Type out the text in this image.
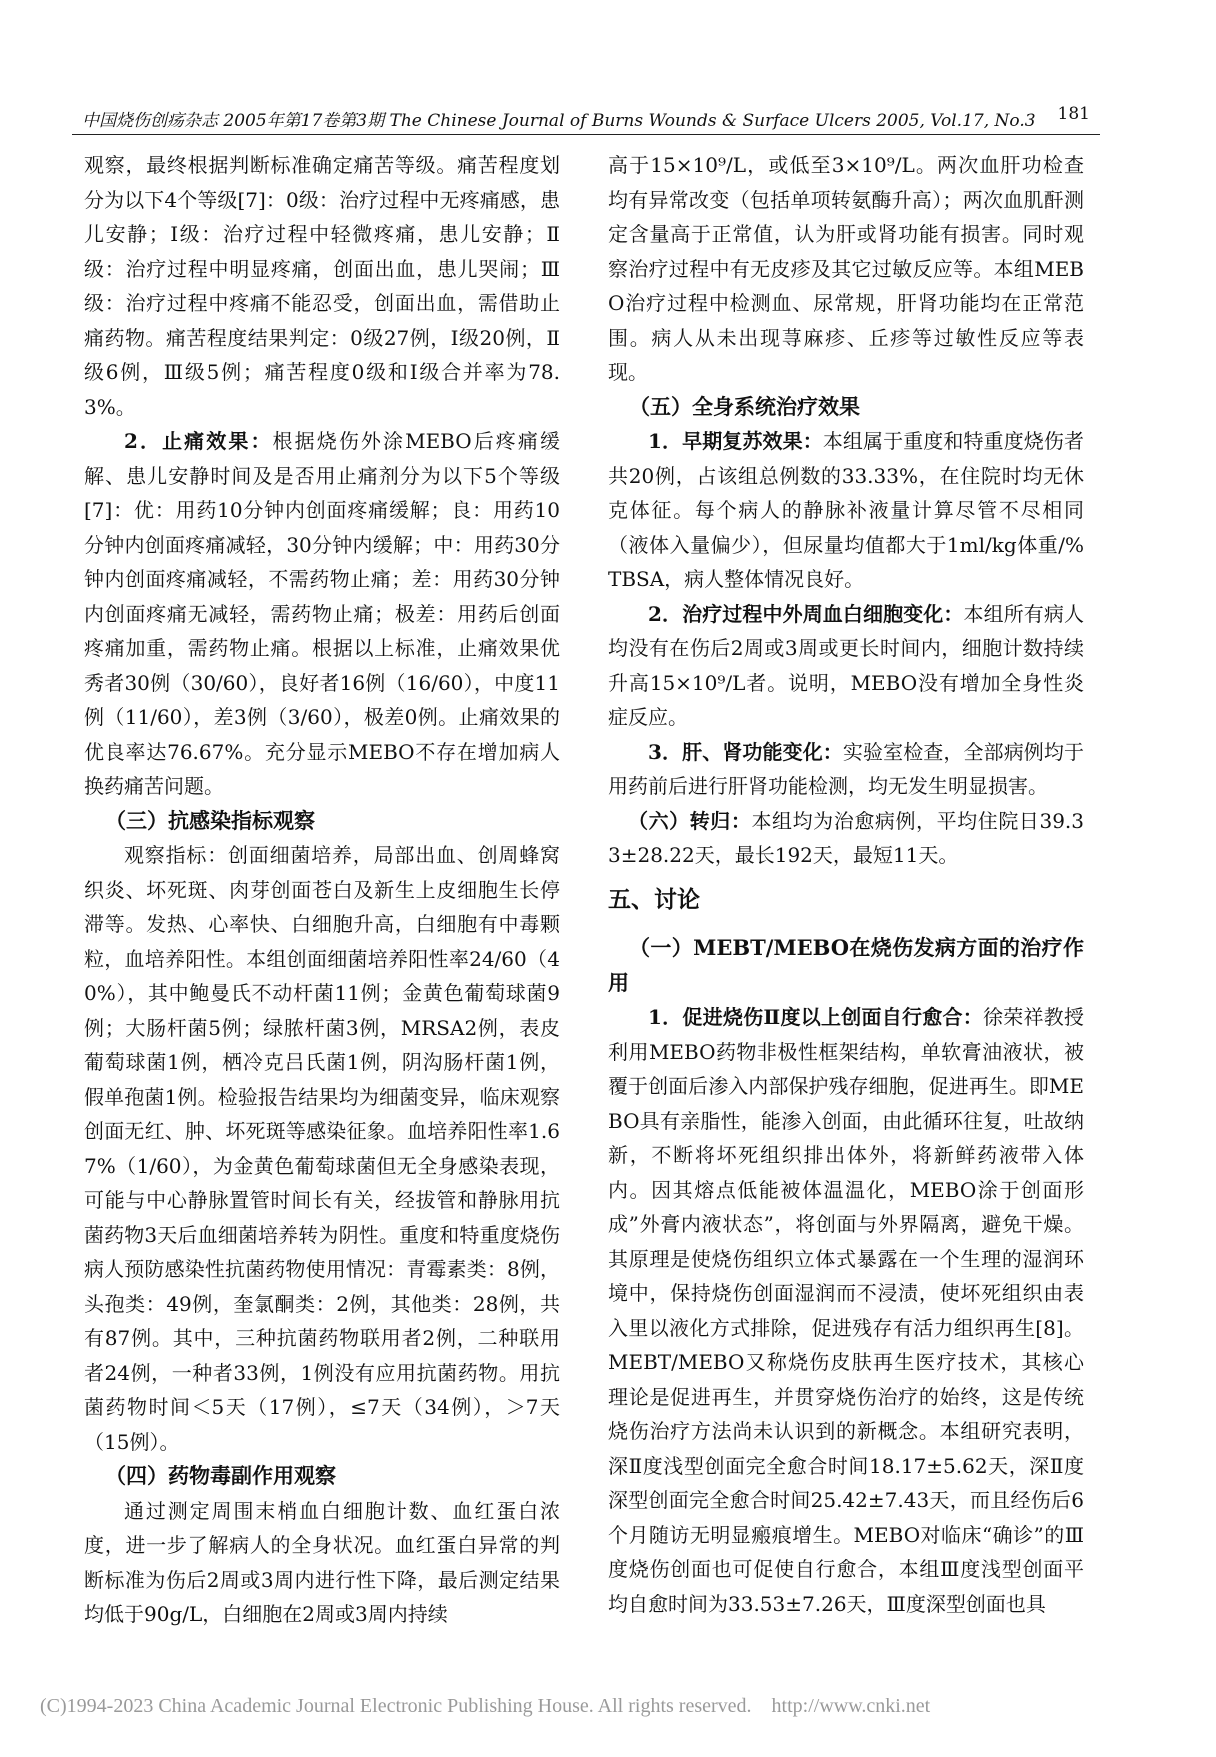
中国烧伤创疡杂志 2005年第17卷第3期 The Chinese Journal of Burns Wounds & Surface Ulcers 2005, Vol.17, No.3 181

观察，最终根据判断标准确定痛苦等级。痛苦程度划分为以下4个等级[7]：0级：治疗过程中无疼痛感，患儿安静；Ⅰ级：治疗过程中轻微疼痛，患儿安静；Ⅱ级：治疗过程中明显疼痛，创面出血，患儿哭闹；Ⅲ级：治疗过程中疼痛不能忍受，创面出血，需借助止痛药物。痛苦程度结果判定：0级27例，Ⅰ级20例，Ⅱ级6例，Ⅲ级5例；痛苦程度0级和Ⅰ级合并率为78.3%。

2．止痛效果：根据烧伤外涂MEBO后疼痛缓解、患儿安静时间及是否用止痛剂分为以下5个等级[7]：优：用药10分钟内创面疼痛缓解；良：用药10分钟内创面疼痛减轻，30分钟内缓解；中：用药30分钟内创面疼痛减轻，不需药物止痛；差：用药30分钟内创面疼痛无减轻，需药物止痛；极差：用药后创面疼痛加重，需药物止痛。根据以上标准，止痛效果优秀者30例（30/60），良好者16例（16/60），中度11例（11/60），差3例（3/60），极差0例。止痛效果的优良率达76.67%。充分显示MEBO不存在增加病人换药痛苦问题。

（三）抗感染指标观察

观察指标：创面细菌培养，局部出血、创周蜂窝织炎、坏死斑、肉芽创面苍白及新生上皮细胞生长停滞等。发热、心率快、白细胞升高，白细胞有中毒颗粒，血培养阳性。本组创面细菌培养阳性率24/60（40%），其中鲍曼氏不动杆菌11例；金黄色葡萄球菌9例；大肠杆菌5例；绿脓杆菌3例，MRSA2例，表皮葡萄球菌1例，栖冷克吕氏菌1例，阴沟肠杆菌1例，假单孢菌1例。检验报告结果均为细菌变异，临床观察创面无红、肿、坏死斑等感染征象。血培养阳性率1.67%（1/60），为金黄色葡萄球菌但无全身感染表现，可能与中心静脉置管时间长有关，经拔管和静脉用抗菌药物3天后血细菌培养转为阴性。重度和特重度烧伤病人预防感染性抗菌药物使用情况：青霉素类：8例，头孢类：49例，奎氯酮类：2例，其他类：28例，共有87例。其中，三种抗菌药物联用者2例，二种联用者24例，一种者33例，1例没有应用抗菌药物。用抗菌药物时间＜5天（17例），≤7天（34例），＞7天（15例）。

（四）药物毒副作用观察

通过测定周围末梢血白细胞计数、血红蛋白浓度，进一步了解病人的全身状况。血红蛋白异常的判断标准为伤后2周或3周内进行性下降，最后测定结果均低于90g/L，白细胞在2周或3周内持续

高于15×10⁹/L，或低至3×10⁹/L。两次血肝功检查均有异常改变（包括单项转氨酶升高）；两次血肌酐测定含量高于正常值，认为肝或肾功能有损害。同时观察治疗过程中有无皮疹及其它过敏反应等。本组MEBO治疗过程中检测血、尿常规，肝肾功能均在正常范围。病人从未出现荨麻疹、丘疹等过敏性反应等表现。

（五）全身系统治疗效果

1．早期复苏效果：本组属于重度和特重度烧伤者共20例，占该组总例数的33.33%，在住院时均无休克体征。每个病人的静脉补液量计算尽管不尽相同（液体入量偏少），但尿量均值都大于1ml/kg体重/%TBSA，病人整体情况良好。

2．治疗过程中外周血白细胞变化：本组所有病人均没有在伤后2周或3周或更长时间内，细胞计数持续升高15×10⁹/L者。说明，MEBO没有增加全身性炎症反应。

3．肝、肾功能变化：实验室检查，全部病例均于用药前后进行肝肾功能检测，均无发生明显损害。

（六）转归：本组均为治愈病例，平均住院日39.33±28.22天，最长192天，最短11天。

五、讨论
（一）MEBT/MEBO在烧伤发病方面的治疗作用

1．促进烧伤Ⅱ度以上创面自行愈合：徐荣祥教授利用MEBO药物非极性框架结构，单软膏油液状，被覆于创面后渗入内部保护残存细胞，促进再生。即MEBO具有亲脂性，能渗入创面，由此循环往复，吐故纳新，不断将坏死组织排出体外，将新鲜药液带入体内。因其熔点低能被体温温化，MEBO涂于创面形成”外膏内液状态”，将创面与外界隔离，避免干燥。其原理是使烧伤组织立体式暴露在一个生理的湿润环境中，保持烧伤创面湿润而不浸渍，使坏死组织由表入里以液化方式排除，促进残存有活力组织再生[8]。MEBT/MEBO又称烧伤皮肤再生医疗技术，其核心理论是促进再生，并贯穿烧伤治疗的始终，这是传统烧伤治疗方法尚未认识到的新概念。本组研究表明，深Ⅱ度浅型创面完全愈合时间18.17±5.62天，深Ⅱ度深型创面完全愈合时间25.42±7.43天，而且经伤后6个月随访无明显瘢痕增生。MEBO对临床“确诊”的Ⅲ度烧伤创面也可促使自行愈合，本组Ⅲ度浅型创面平均自愈时间为33.53±7.26天，Ⅲ度深型创面也具

(C)1994-2023 China Academic Journal Electronic Publishing House. All rights reserved. http://www.cnki.net
